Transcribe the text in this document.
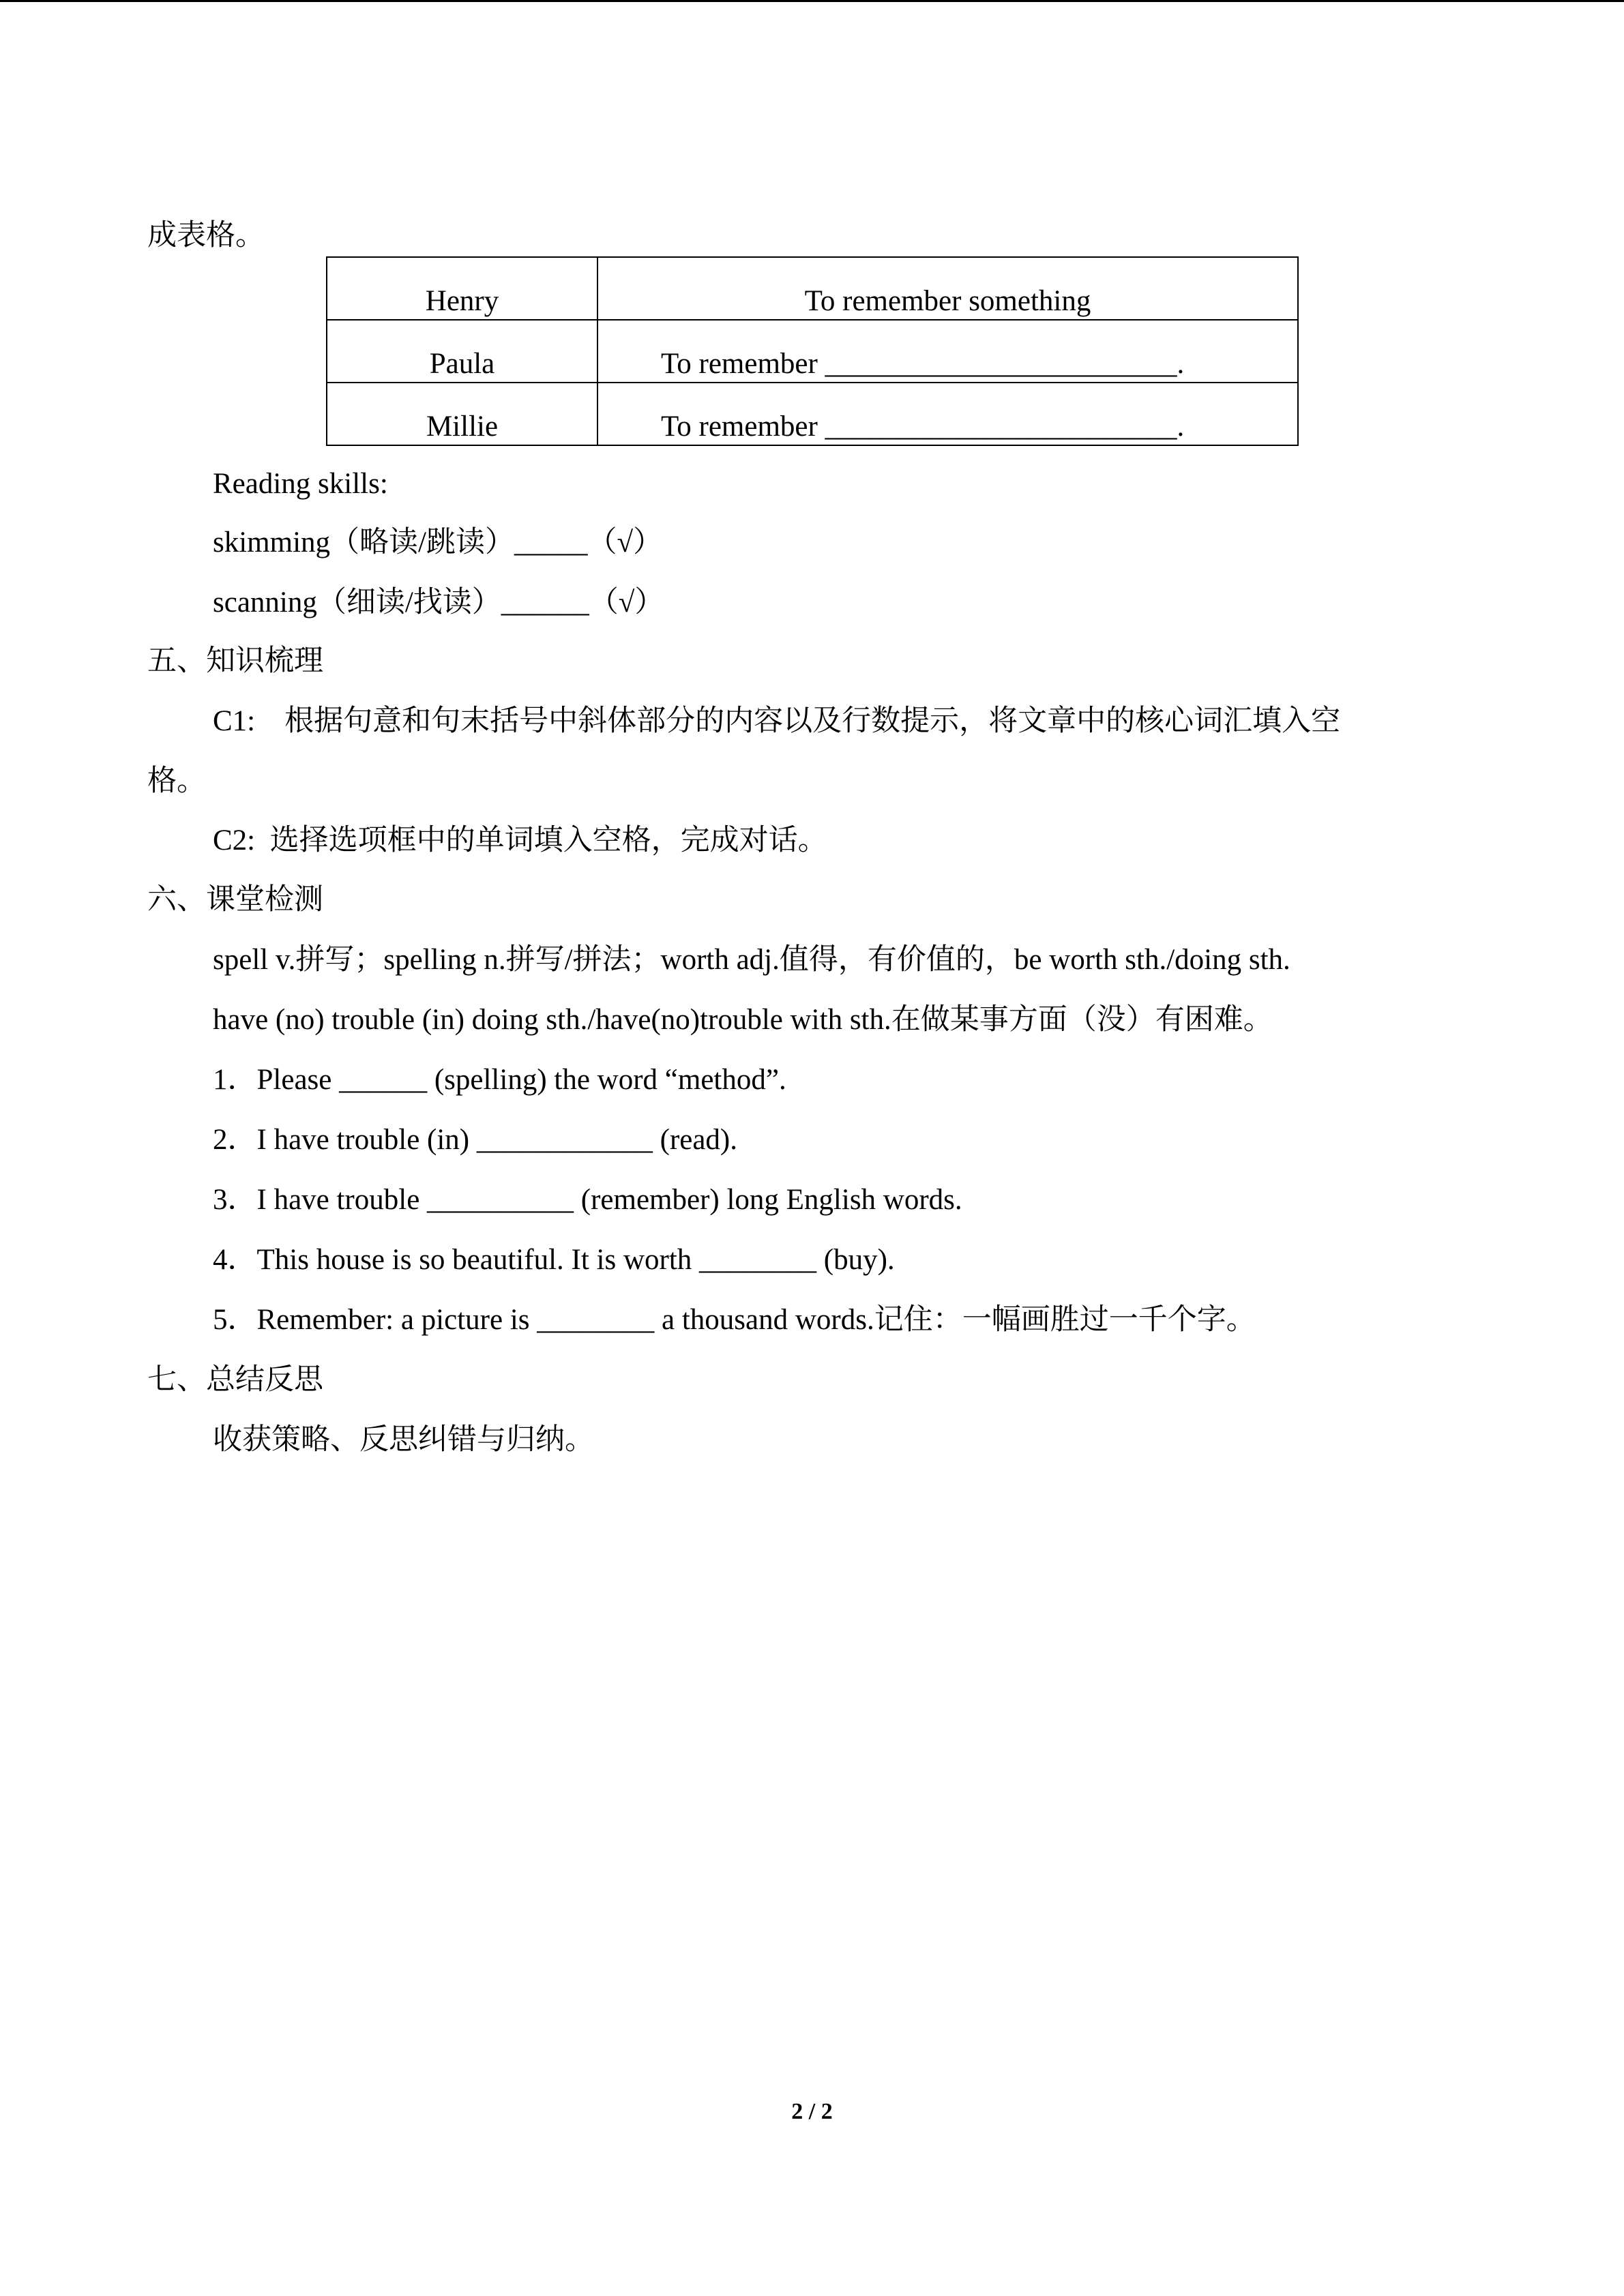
成表格。
Henry	To remember something
Paula	To remember ________________________.
Millie	To remember ________________________.
Reading skills:
skimming（略读/跳读）_____（√）
scanning（细读/找读）______（√）
五、知识梳理
C1:    根据句意和句末括号中斜体部分的内容以及行数提示，将文章中的核心词汇填入空
格。
C2:  选择选项框中的单词填入空格，完成对话。
六、课堂检测
spell v.拼写；spelling n.拼写/拼法；worth adj.值得，有价值的，be worth sth./doing sth.
have (no) trouble (in) doing sth./have(no)trouble with sth.在做某事方面（没）有困难。
1．Please ______ (spelling) the word “method”.
2．I have trouble (in) ____________ (read).
3．I have trouble __________ (remember) long English words.
4．This house is so beautiful. It is worth ________ (buy).
5．Remember: a picture is ________ a thousand words.记住：一幅画胜过一千个字。
七、总结反思
收获策略、反思纠错与归纳。
2 / 2
